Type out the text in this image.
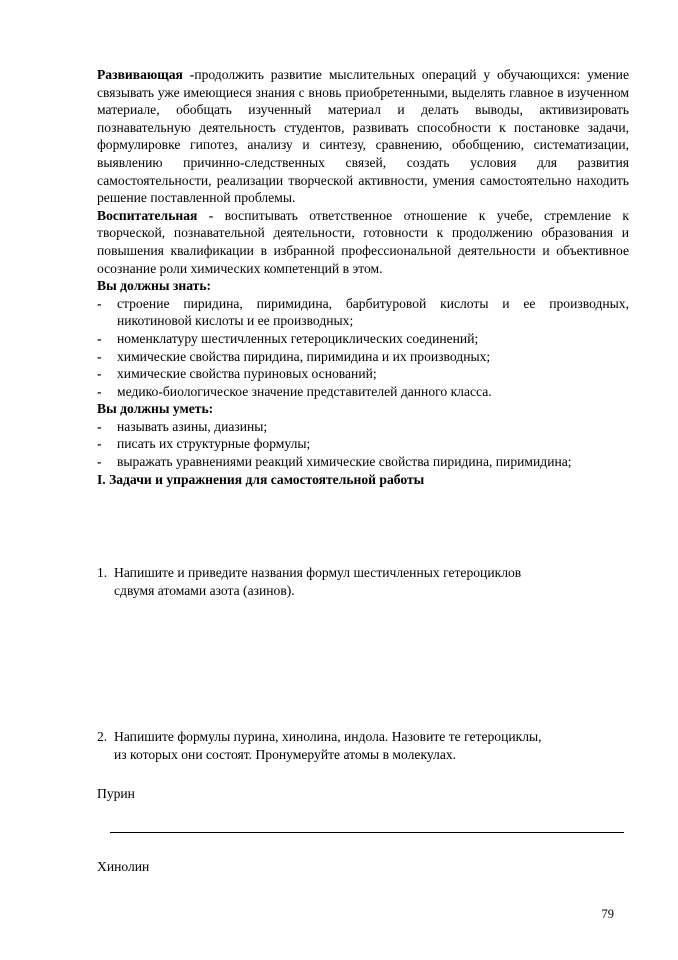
Развивающая -продолжить развитие мыслительных операций у обучающихся: умение связывать уже имеющиеся знания с вновь приобретенными, выделять главное в изученном материале, обобщать изученный материал и делать выводы, активизировать познавательную деятельность студентов, развивать способности к постановке задачи, формулировке гипотез, анализу и синтезу, сравнению, обобщению, систематизации, выявлению причинно-следственных связей, создать условия для развития самостоятельности, реализации творческой активности, умения самостоятельно находить решение поставленной проблемы.

Воспитательная - воспитывать ответственное отношение к учебе, стремление к творческой, познавательной деятельности, готовности к продолжению образования и повышения квалификации в избранной профессиональной деятельности и объективное осознание роли химических компетенций в этом.

Вы должны знать:

- строение пиридина, пиримидина, барбитуровой кислоты и ее производных, никотиновой кислоты и ее производных;
- номенклатуру шестичленных гетероциклических соединений;
- химические свойства пиридина, пиримидина и их производных;
- химические свойства пуриновых оснований;
- медико-биологическое значение представителей данного класса.

Вы должны уметь:

- называть азины, диазины;
- писать их структурные формулы;
- выражать уравнениями реакций химические свойства пиридина, пиримидина;

I. Задачи и упражнения для самостоятельной работы

1. Напишите и приведите названия формул шестичленных гетероциклов
сдвумя атомами азота (азинов).
2. Напишите формулы пурина, хинолина, индола. Назовите те гетероциклы,
из которых они состоят. Пронумеруйте атомы в молекулах.
Пурин
Хинолин
79
